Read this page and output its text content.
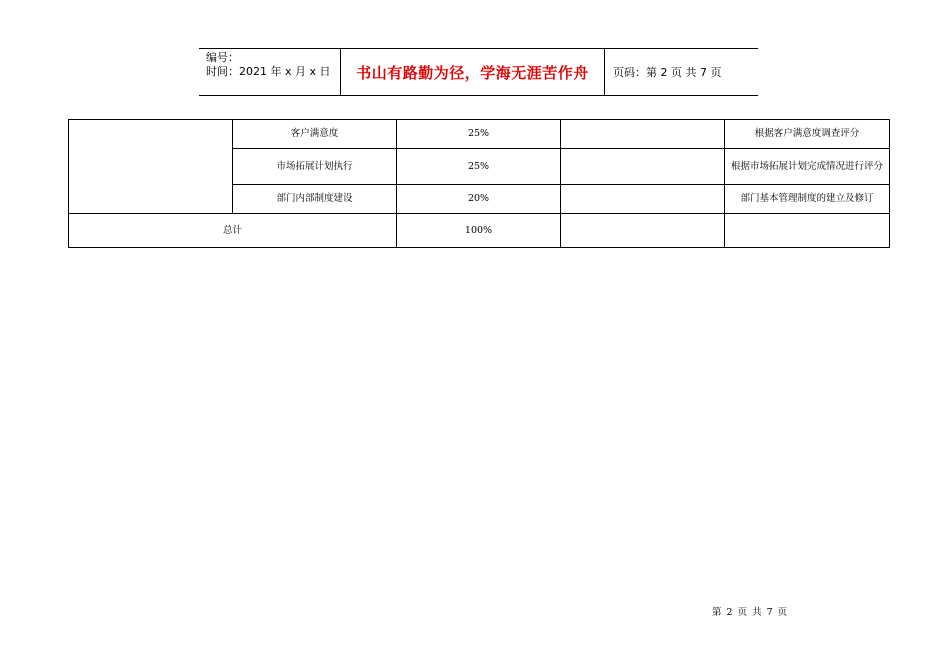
编号：
时间：2021 年 x 月 x 日	书山有路勤为径，学海无涯苦作舟 页码：第 2 页 共 7 页
	客户满意度	25%		根据客户满意度调查评分
	市场拓展计划执行	25%		根据市场拓展计划完成情况进行评分
	部门内部制度建设	20%		部门基本管理制度的建立及修订
总计		100%		
第 2 页 共 7 页
